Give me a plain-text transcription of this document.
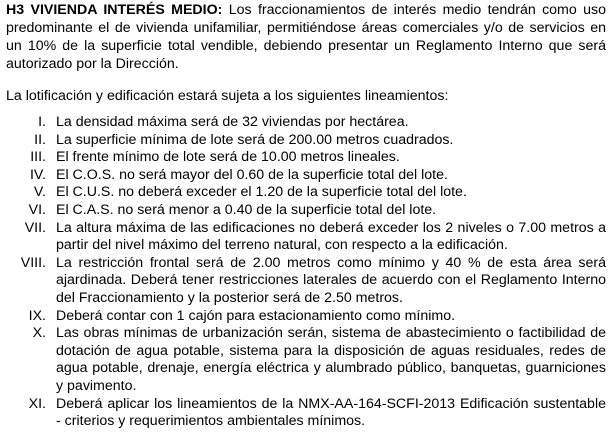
H3 VIVIENDA INTERÉS MEDIO: Los fraccionamientos de interés medio tendrán como uso predominante el de vivienda unifamiliar, permitiéndose áreas comerciales y/o de servicios en un 10% de la superficie total vendible, debiendo presentar un Reglamento Interno que será autorizado por la Dirección.

La lotificación y edificación estará sujeta a los siguientes lineamientos:

I. La densidad máxima será de 32 viviendas por hectárea.
II. La superficie mínima de lote será de 200.00 metros cuadrados.
III. El frente mínimo de lote será de 10.00 metros lineales.
IV. El C.O.S. no será mayor del 0.60 de la superficie total del lote.
V. El C.U.S. no deberá exceder el 1.20 de la superficie total del lote.
VI. El C.A.S. no será menor a 0.40 de la superficie total del lote.
VII. La altura máxima de las edificaciones no deberá exceder los 2 niveles o 7.00 metros a partir del nivel máximo del terreno natural, con respecto a la edificación.
VIII. La restricción frontal será de 2.00 metros como mínimo y 40 % de esta área será ajardinada. Deberá tener restricciones laterales de acuerdo con el Reglamento Interno del Fraccionamiento y la posterior será de 2.50 metros.
IX. Deberá contar con 1 cajón para estacionamiento como mínimo.
X. Las obras mínimas de urbanización serán, sistema de abastecimiento o factibilidad de dotación de agua potable, sistema para la disposición de aguas residuales, redes de agua potable, drenaje, energía eléctrica y alumbrado público, banquetas, guarniciones y pavimento.
XI. Deberá aplicar los lineamientos de la NMX-AA-164-SCFI-2013 Edificación sustentable - criterios y requerimientos ambientales mínimos.
